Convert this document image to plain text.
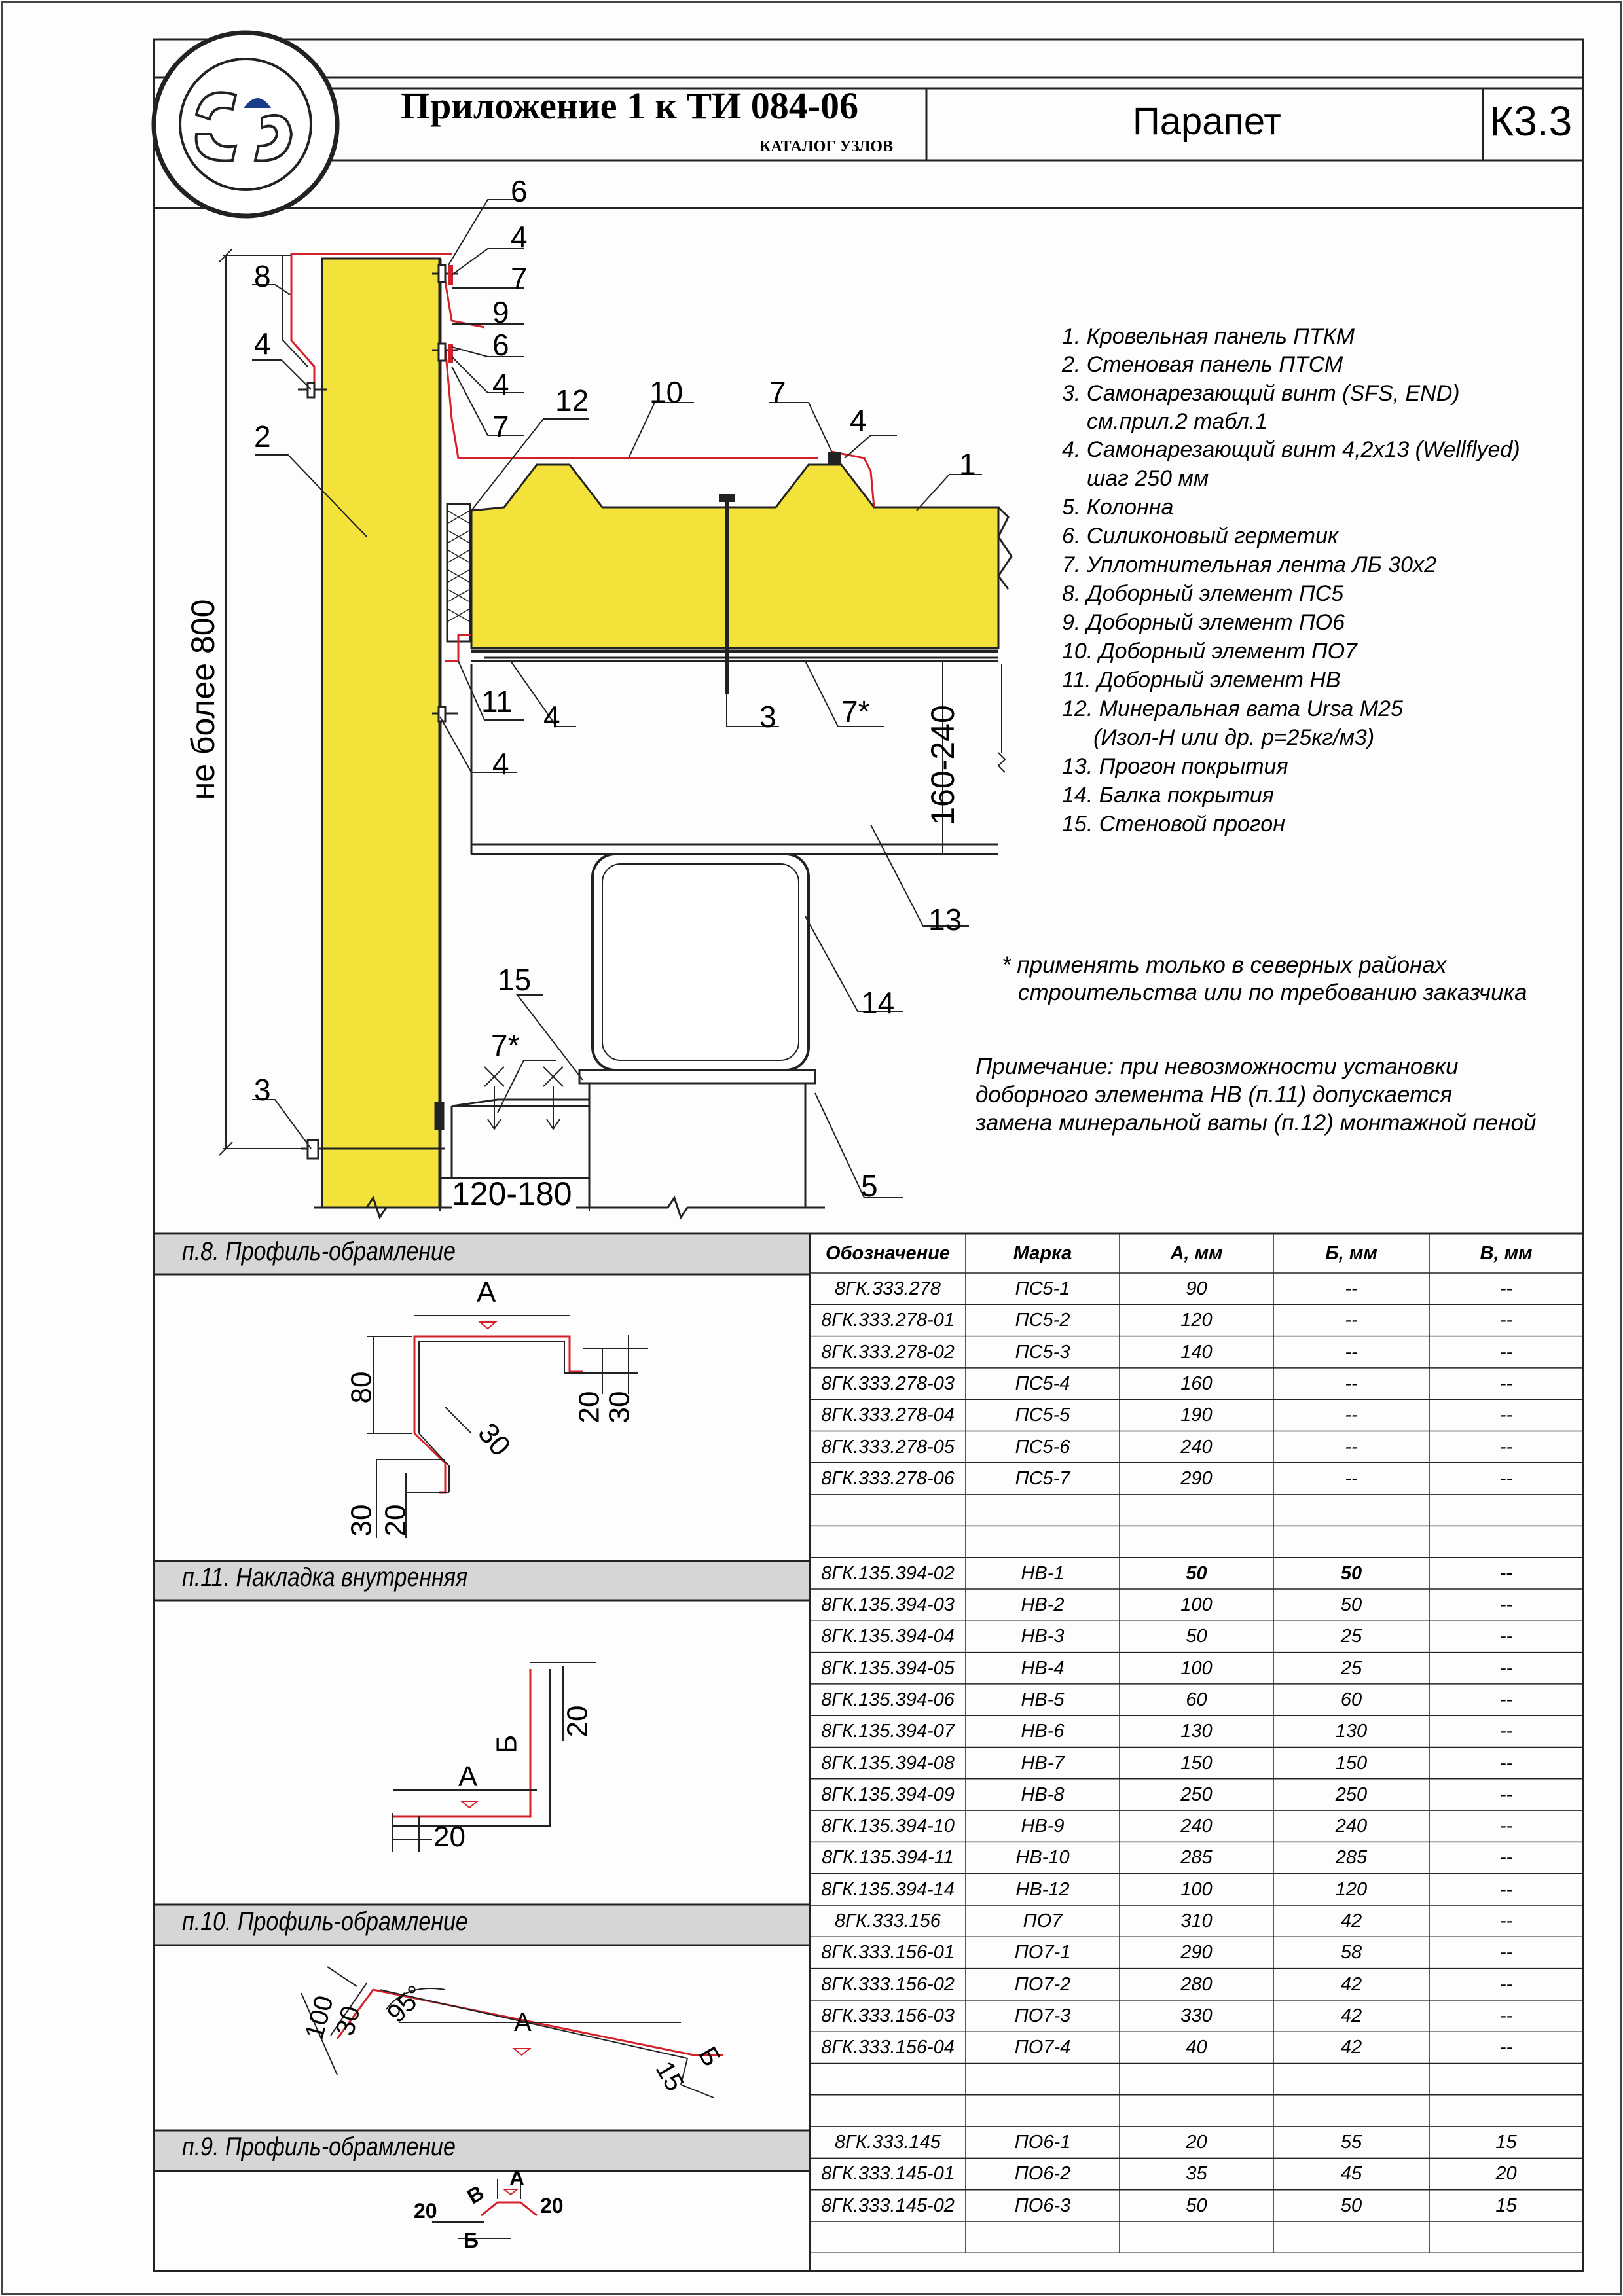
Приложение 1 к ТИ 084-06
КАТАЛОГ УЗЛОВ
Парапет	К3.3
6
4
7
9
6
4
7
8
4
2
12 10	7
4
1
11 4	3 7*
4
13
14
15
7*
3
5
не более 800	160-240
120-180
1. Кровельная панель ПТКМ
2. Стеновая панель ПТСМ
3. Самонарезающий винт (SFS, END)
см.прил.2 табл.1
4. Самонарезающий винт 4,2х13 (Wellflyed)
шаг 250 мм
5. Колонна
6. Силиконовый герметик
7. Уплотнительная лента ЛБ 30х2
8. Доборный элемент ПС5
9. Доборный элемент ПО6
10. Доборный элемент ПО7
11. Доборный элемент НВ
12. Минеральная вата Ursa М25
(Изол-Н или др. р=25кг/м3)
13. Прогон покрытия
14. Балка покрытия
15. Стеновой прогон
* применять только в северных районах
строительства или по требованию заказчика
Примечание: при невозможности установки
доборного элемента НВ (п.11) допускается
замена минеральной ваты (п.12) монтажной пеной
п.8. Профиль-обрамление
п.11. Накладка внутренняя
п.10. Профиль-обрамление
п.9. Профиль-обрамление
А
80
20
30
30
30 20
А
Б
20
20
100
30 95°	А
15 Б
А
В
20	20
Б
Обозначение	Марка	А, мм	Б, мм	В, мм
8ГК.333.278	ПС5-1	90	--	--
8ГК.333.278-01	ПС5-2	120	--	--
8ГК.333.278-02	ПС5-3	140	--	--
8ГК.333.278-03	ПС5-4	160	--	--
8ГК.333.278-04	ПС5-5	190	--	--
8ГК.333.278-05	ПС5-6	240	--	--
8ГК.333.278-06	ПС5-7	290	--	--
8ГК.135.394-02	НВ-1	50	50	--
8ГК.135.394-03	НВ-2	100	50	--
8ГК.135.394-04	НВ-3	50	25	--
8ГК.135.394-05	НВ-4	100	25	--
8ГК.135.394-06	НВ-5	60	60	--
8ГК.135.394-07	НВ-6	130	130	--
8ГК.135.394-08	НВ-7	150	150	--
8ГК.135.394-09	НВ-8	250	250	--
8ГК.135.394-10	НВ-9	240	240	--
8ГК.135.394-11	НВ-10	285	285	--
8ГК.135.394-14	НВ-12	100	120	--
8ГК.333.156	ПО7	310	42	--
8ГК.333.156-01	ПО7-1	290	58	--
8ГК.333.156-02	ПО7-2	280	42	--
8ГК.333.156-03	ПО7-3	330	42	--
8ГК.333.156-04	ПО7-4	40	42	--
8ГК.333.145	ПО6-1	20	55	15
8ГК.333.145-01	ПО6-2	35	45	20
8ГК.333.145-02	ПО6-3	50	50	15
